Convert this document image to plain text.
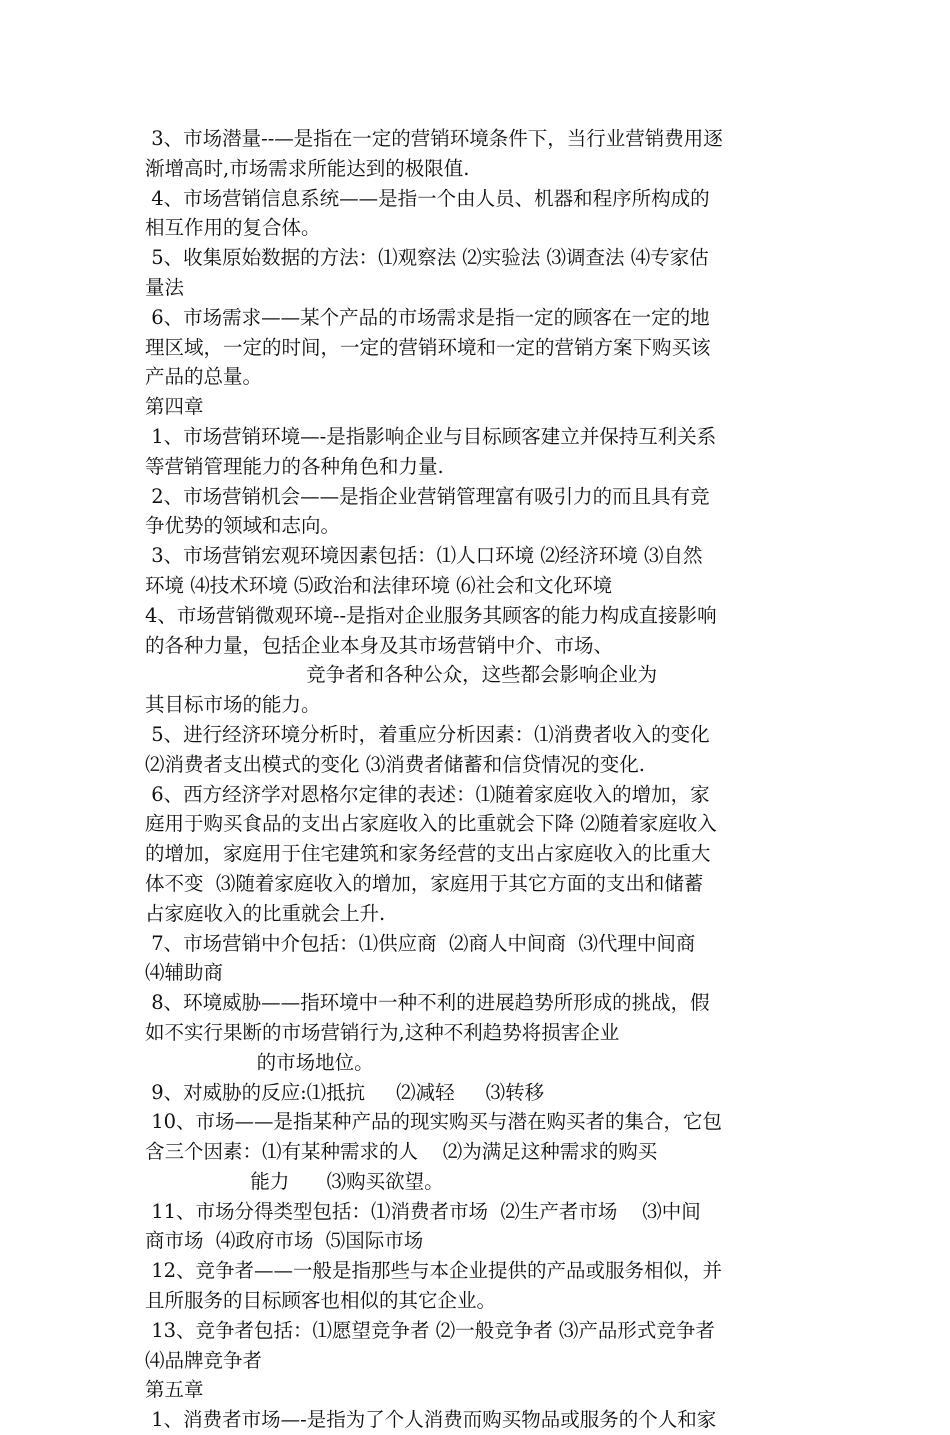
3、市场潜量--—是指在一定的营销环境条件下，当行业营销费用逐
渐增高时,市场需求所能达到的极限值.
4、市场营销信息系统——是指一个由人员、机器和程序所构成的
相互作用的复合体。
5、收集原始数据的方法：⑴观察法 ⑵实验法 ⑶调查法 ⑷专家估
量法
6、市场需求——某个产品的市场需求是指一定的顾客在一定的地
理区域，一定的时间，一定的营销环境和一定的营销方案下购买该
产品的总量。
第四章
1、市场营销环境—-是指影响企业与目标顾客建立并保持互利关系
等营销管理能力的各种角色和力量.
2、市场营销机会——是指企业营销管理富有吸引力的而且具有竞
争优势的领域和志向。
3、市场营销宏观环境因素包括：⑴人口环境 ⑵经济环境 ⑶自然
环境 ⑷技术环境 ⑸政治和法律环境 ⑹社会和文化环境
4、市场营销微观环境--是指对企业服务其顾客的能力构成直接影响
的各种力量，包括企业本身及其市场营销中介、市场、
竞争者和各种公众，这些都会影响企业为
其目标市场的能力。
5、进行经济环境分析时，着重应分析因素：⑴消费者收入的变化
⑵消费者支出模式的变化 ⑶消费者储蓄和信贷情况的变化.
6、西方经济学对恩格尔定律的表述：⑴随着家庭收入的增加，家
庭用于购买食品的支出占家庭收入的比重就会下降 ⑵随着家庭收入
的增加，家庭用于住宅建筑和家务经营的支出占家庭收入的比重大
体不变  ⑶随着家庭收入的增加，家庭用于其它方面的支出和储蓄
占家庭收入的比重就会上升.
7、市场营销中介包括：⑴供应商  ⑵商人中间商  ⑶代理中间商
⑷辅助商
8、环境威胁——指环境中一种不利的进展趋势所形成的挑战，假
如不实行果断的市场营销行为,这种不利趋势将损害企业
的市场地位。
9、对威胁的反应:⑴抵抗     ⑵减轻     ⑶转移
10、市场——是指某种产品的现实购买与潜在购买者的集合，它包
含三个因素：⑴有某种需求的人    ⑵为满足这种需求的购买
能力      ⑶购买欲望。
11、市场分得类型包括：⑴消费者市场  ⑵生产者市场    ⑶中间
商市场  ⑷政府市场  ⑸国际市场
12、竞争者——一般是指那些与本企业提供的产品或服务相似，并
且所服务的目标顾客也相似的其它企业。
13、竞争者包括：⑴愿望竞争者 ⑵一般竞争者 ⑶产品形式竞争者
⑷品牌竞争者
第五章
1、消费者市场—-是指为了个人消费而购买物品或服务的个人和家
